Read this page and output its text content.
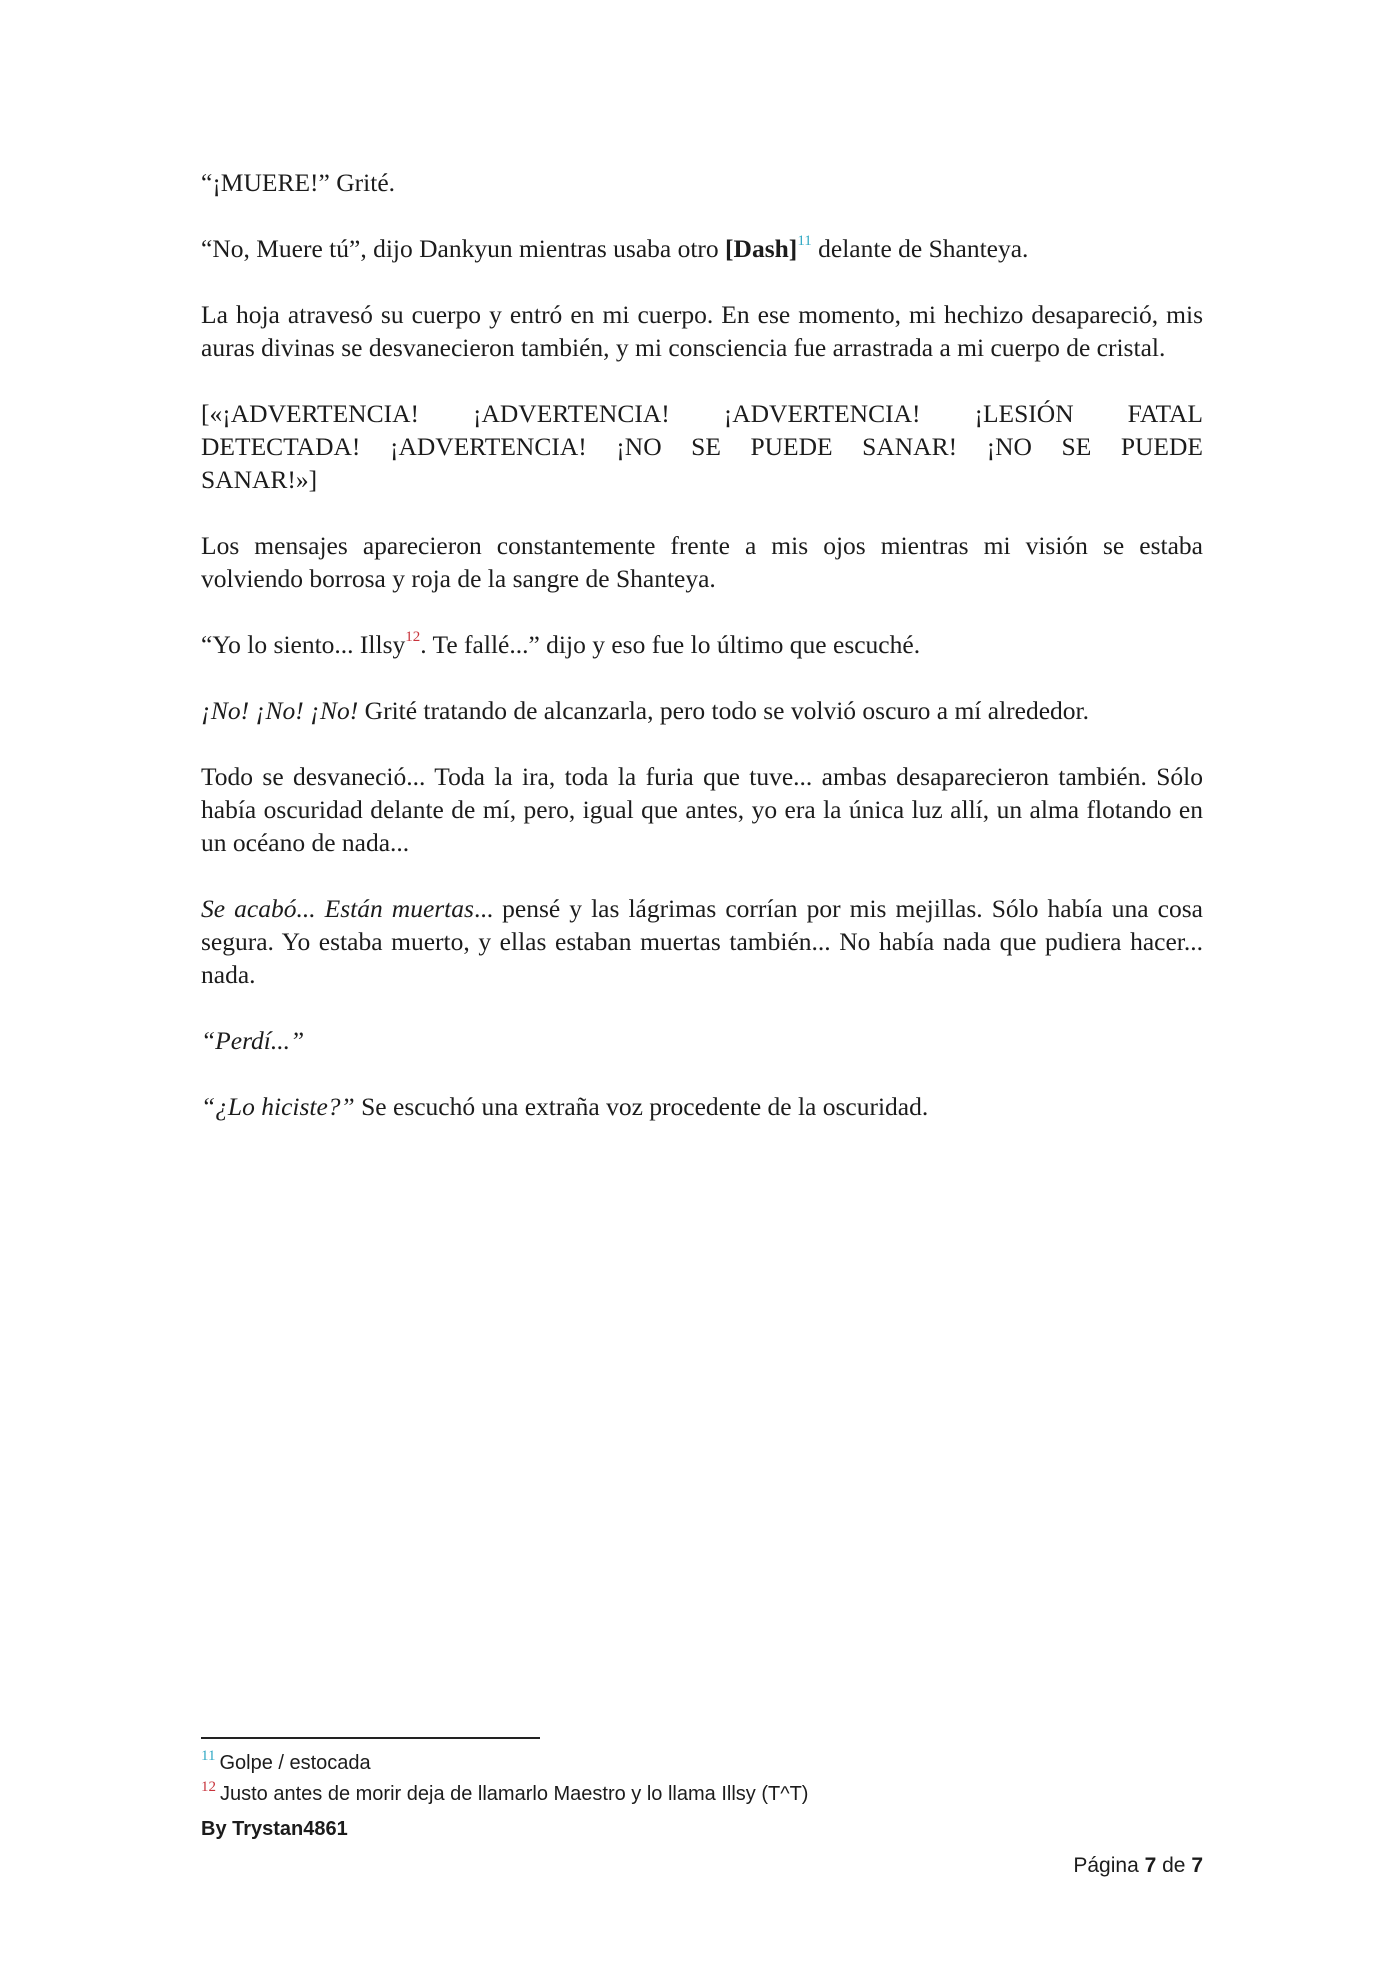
“¡MUERE!” Grité.

“No, Muere tú”, dijo Dankyun mientras usaba otro [Dash]$^{11}$ delante de Shanteya.

La hoja atravesó su cuerpo y entró en mi cuerpo. En ese momento, mi hechizo desapareció, mis auras divinas se desvanecieron también, y mi consciencia fue arrastrada a mi cuerpo de cristal.

[«¡ADVERTENCIA! ¡ADVERTENCIA! ¡ADVERTENCIA! ¡LESIÓN FATAL
DETECTADA! ¡ADVERTENCIA! ¡NO SE PUEDE SANAR! ¡NO SE PUEDE
SANAR!»]

Los mensajes aparecieron constantemente frente a mis ojos mientras mi visión se estaba volviendo borrosa y roja de la sangre de Shanteya.

“Yo lo siento... Illsy$^{12}$. Te fallé...” dijo y eso fue lo último que escuché.

¡No! ¡No! ¡No! Grité tratando de alcanzarla, pero todo se volvió oscuro a mí alrededor.

Todo se desvaneció... Toda la ira, toda la furia que tuve... ambas desaparecieron también. Sólo había oscuridad delante de mí, pero, igual que antes, yo era la única luz allí, un alma flotando en un océano de nada...

Se acabó... Están muertas... pensé y las lágrimas corrían por mis mejillas. Sólo había una cosa segura. Yo estaba muerto, y ellas estaban muertas también... No había nada que pudiera hacer... nada.

“Perdí...”

“¿Lo hiciste?” Se escuchó una extraña voz procedente de la oscuridad.

$^{11}$ Golpe / estocada
$^{12}$ Justo antes de morir deja de llamarlo Maestro y lo llama Illsy (T^T)
By Trystan4861
Página 7 de 7
